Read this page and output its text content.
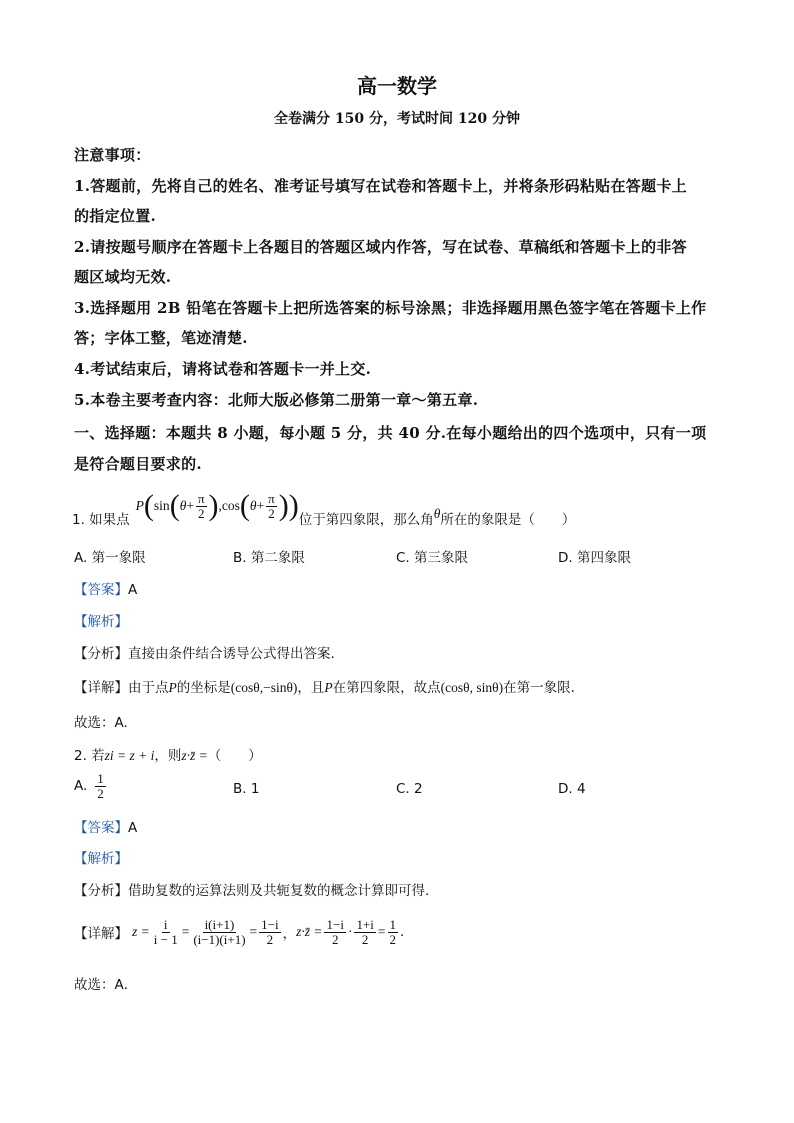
高一数学
全卷满分 150 分，考试时间 120 分钟
注意事项：
1.答题前，先将自己的姓名、准考证号填写在试卷和答题卡上，并将条形码粘贴在答题卡上
的指定位置.
2.请按题号顺序在答题卡上各题目的答题区域内作答，写在试卷、草稿纸和答题卡上的非答
题区域均无效.
3.选择题用 2B 铅笔在答题卡上把所选答案的标号涂黑；非选择题用黑色签字笔在答题卡上作
答；字体工整，笔迹清楚.
4.考试结束后，请将试卷和答题卡一并上交.
5.本卷主要考查内容：北师大版必修第二册第一章～第五章.
一、选择题：本题共 8 小题，每小题 5 分，共 40 分.在每小题给出的四个选项中，只有一项
是符合题目要求的.
1. 如果点
P ( sin ( $\theta + \frac{\pi}{2}$ ) , cos ( $\theta + \frac{\pi}{2}$ ) ) 位于第四象限，那么角 θ 所在的象限是（　　）
A. 第一象限	B. 第二象限	C. 第三象限	D. 第四象限
【答案】A
【解析】
【分析】直接由条件结合诱导公式得出答案.
【详解】由于点P的坐标是(cosθ,−sinθ)，且P在第四象限，故点(cosθ, sinθ)在第一象限.
故选：A.
2. 若zi = z + i，则z·z̄ =（　　）
A. $\frac{1}{2}$	B. 1	C. 2	D. 4
【答案】A
【解析】
【分析】借助复数的运算法则及共轭复数的概念计算即可得.
【详解】 $z = \frac{i}{i - 1} = \frac{i(i+1)}{(i-1)(i+1)} = \frac{1-i}{2}$ ， z·z̄ = $\frac{1-i}{2} \cdot \frac{1+i}{2} = \frac{1}{2}$ .
故选：A．
